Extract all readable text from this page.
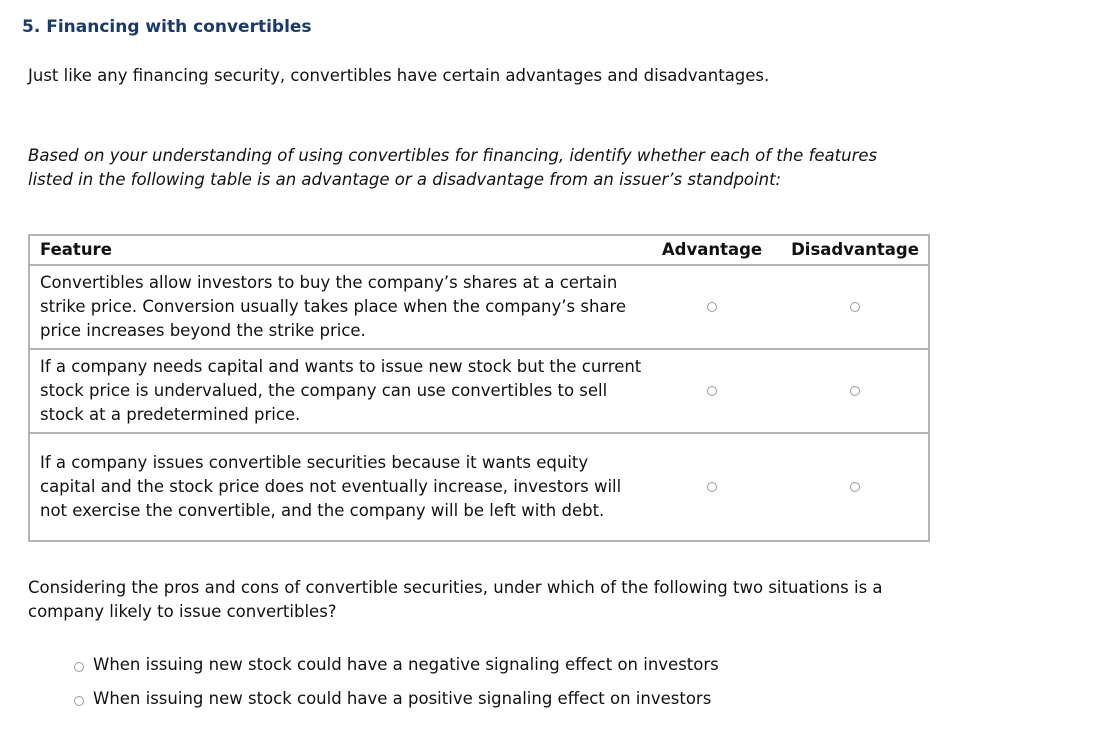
5. Financing with convertibles
Just like any financing security, convertibles have certain advantages and disadvantages.
Based on your understanding of using convertibles for financing, identify whether each of the features listed in the following table is an advantage or a disadvantage from an issuer’s standpoint:
Feature	Advantage	Disadvantage
Convertibles allow investors to buy the company’s shares at a certain strike price. Conversion usually takes place when the company’s share price increases beyond the strike price.
If a company needs capital and wants to issue new stock but the current stock price is undervalued, the company can use convertibles to sell stock at a predetermined price.
If a company issues convertible securities because it wants equity capital and the stock price does not eventually increase, investors will not exercise the convertible, and the company will be left with debt.
Considering the pros and cons of convertible securities, under which of the following two situations is a company likely to issue convertibles?
When issuing new stock could have a negative signaling effect on investors
When issuing new stock could have a positive signaling effect on investors
